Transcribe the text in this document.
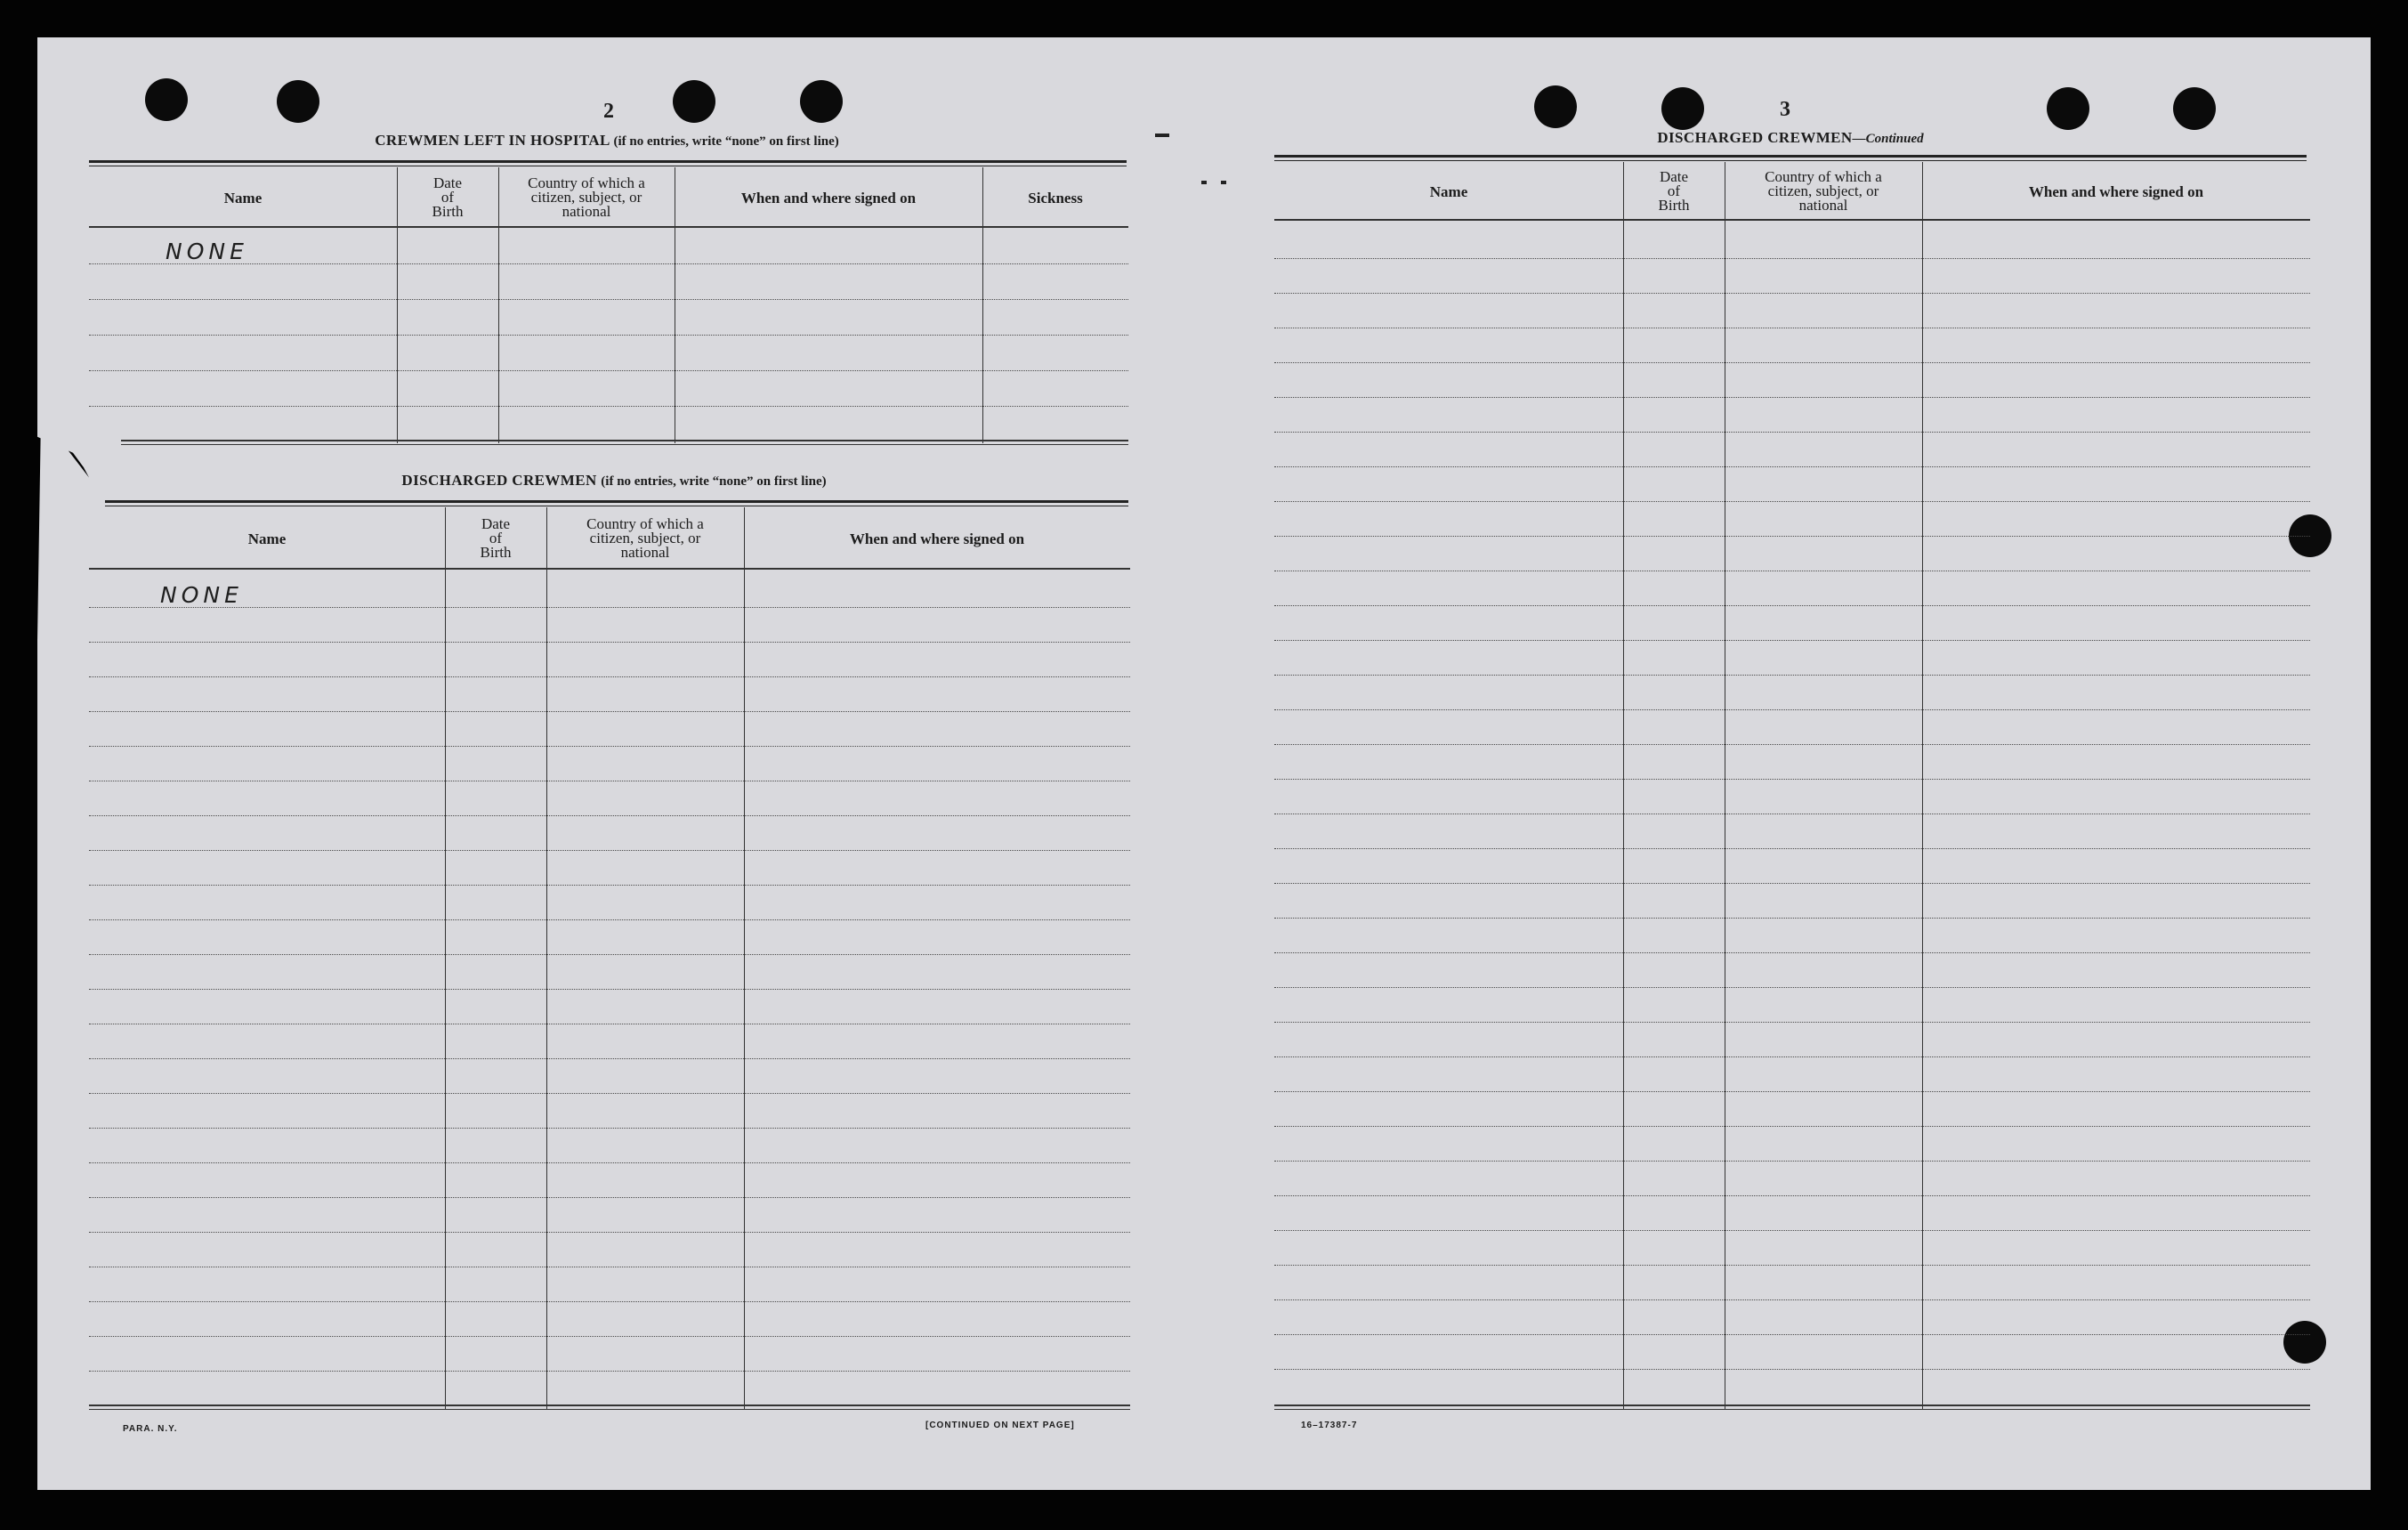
2
CREWMEN LEFT IN HOSPITAL (if no entries, write “none” on first line)
Name
Date
of
Birth
Country of which a
citizen, subject, or
national
When and where signed on	Sickness
NONE
DISCHARGED CREWMEN (if no entries, write “none” on first line)
Name
Date
of
Birth
Country of which a
citizen, subject, or
national
When and where signed on
NONE
PARA. N.Y.	[CONTINUED ON NEXT PAGE]
3
DISCHARGED CREWMEN—Continued
Name
Date
of
Birth
Country of which a
citizen, subject, or
national
When and where signed on
16–17387-7
